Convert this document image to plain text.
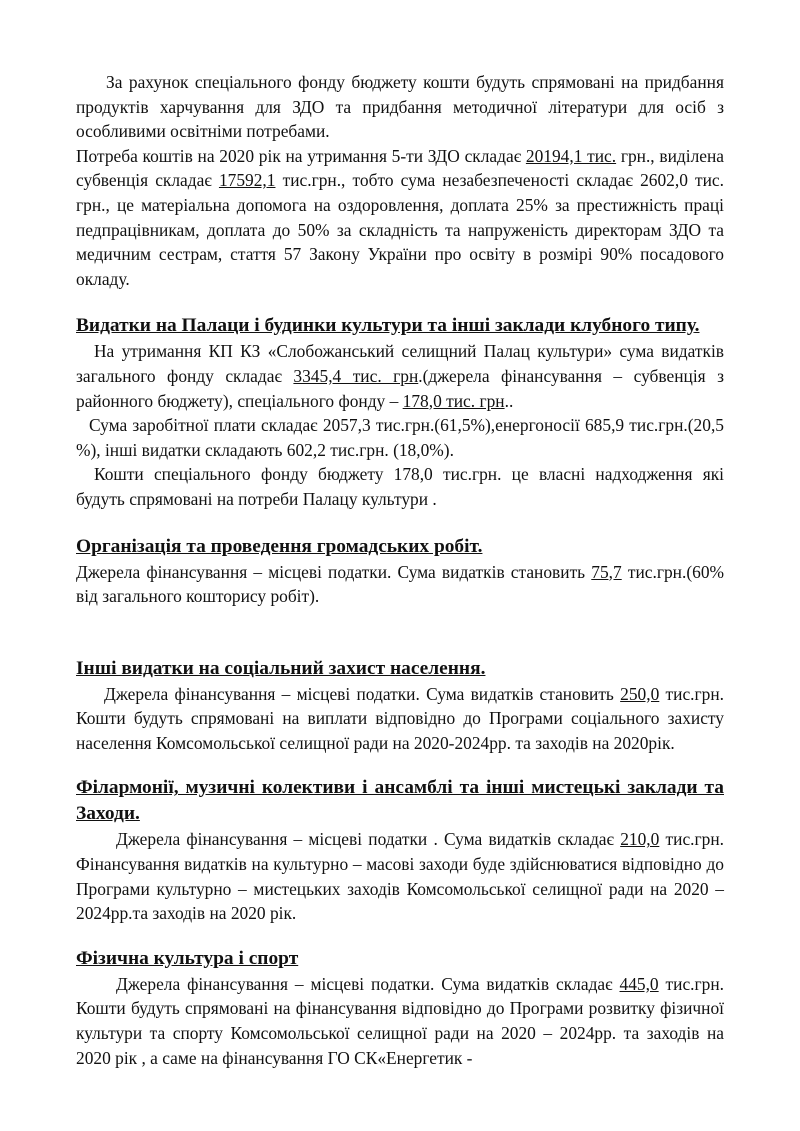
За рахунок спеціального фонду бюджету кошти будуть спрямовані на придбання продуктів харчування для ЗДО та придбання методичної літератури для осіб з особливими освітніми потребами.

Потреба коштів на 2020 рік на утримання 5-ти ЗДО складає 20194,1 тис. грн., виділена субвенція складає 17592,1 тис.грн., тобто сума незабезпеченості складає 2602,0 тис. грн., це матеріальна допомога на оздоровлення, доплата 25% за престижність праці педпрацівникам, доплата до 50% за складність та напруженість директорам ЗДО та медичним сестрам, стаття 57 Закону України про освіту в розмірі 90% посадового окладу.

Видатки на Палаци і будинки культури та інші заклади клубного типу.

На утримання КП КЗ «Слобожанський селищний Палац культури» сума видатків загального фонду складає 3345,4 тис. грн.(джерела фінансування – субвенція з районного бюджету), спеціального фонду – 178,0 тис. грн..

Сума заробітної плати складає 2057,3 тис.грн.(61,5%),енергоносії 685,9 тис.грн.(20,5 %), інші видатки складають 602,2 тис.грн. (18,0%).

Кошти спеціального фонду бюджету 178,0 тис.грн. це власні надходження які будуть спрямовані на потреби Палацу культури .

Організація та проведення громадських робіт.

Джерела фінансування – місцеві податки. Сума видатків становить 75,7 тис.грн.(60% від загального кошторису робіт).

Інші видатки на соціальний захист населення.

Джерела фінансування – місцеві податки. Сума видатків становить 250,0 тис.грн. Кошти будуть спрямовані на виплати відповідно до Програми соціального захисту населення Комсомольської селищної ради на 2020-2024рр. та заходів на 2020рік.

Філармонії, музичні колективи і ансамблі та інші мистецькі заклади та Заходи.

Джерела фінансування – місцеві податки . Сума видатків складає 210,0 тис.грн. Фінансування видатків на культурно – масові заходи буде здійснюватися відповідно до Програми культурно – мистецьких заходів Комсомольської селищної ради на 2020 – 2024рр.та заходів на 2020 рік.

Фізична культура і спорт

Джерела фінансування – місцеві податки. Сума видатків складає 445,0 тис.грн. Кошти будуть спрямовані на фінансування відповідно до Програми розвитку фізичної культури та спорту Комсомольської селищної ради на 2020 – 2024рр. та заходів на 2020 рік , а саме на фінансування ГО СК«Енергетик -
